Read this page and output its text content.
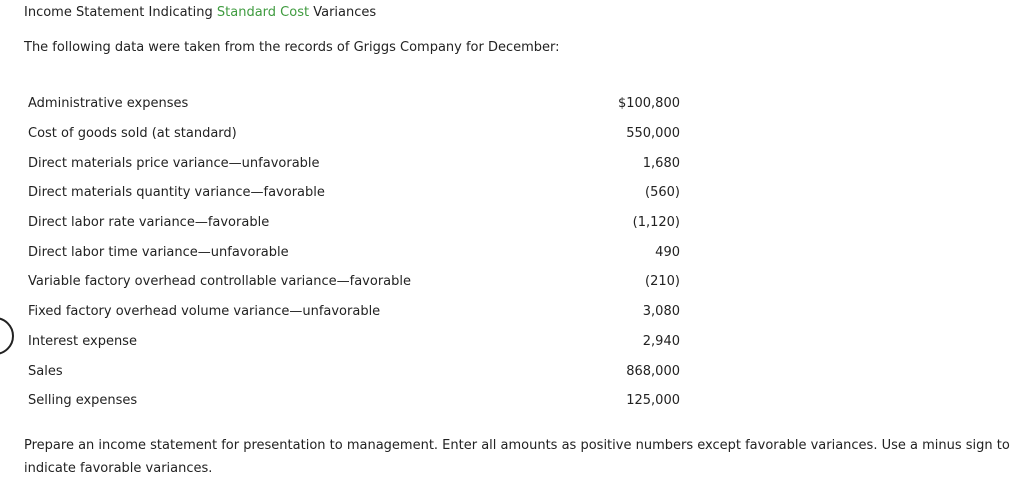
Income Statement Indicating Standard Cost Variances
The following data were taken from the records of Griggs Company for December:
Administrative expenses	$100,800
Cost of goods sold (at standard)	550,000
Direct materials price variance—unfavorable	1,680
Direct materials quantity variance—favorable	(560)
Direct labor rate variance—favorable	(1,120)
Direct labor time variance—unfavorable	490
Variable factory overhead controllable variance—favorable	(210)
Fixed factory overhead volume variance—unfavorable	3,080
Interest expense	2,940
Sales	868,000
Selling expenses	125,000
Prepare an income statement for presentation to management. Enter all amounts as positive numbers except favorable variances. Use a minus sign to indicate favorable variances.
